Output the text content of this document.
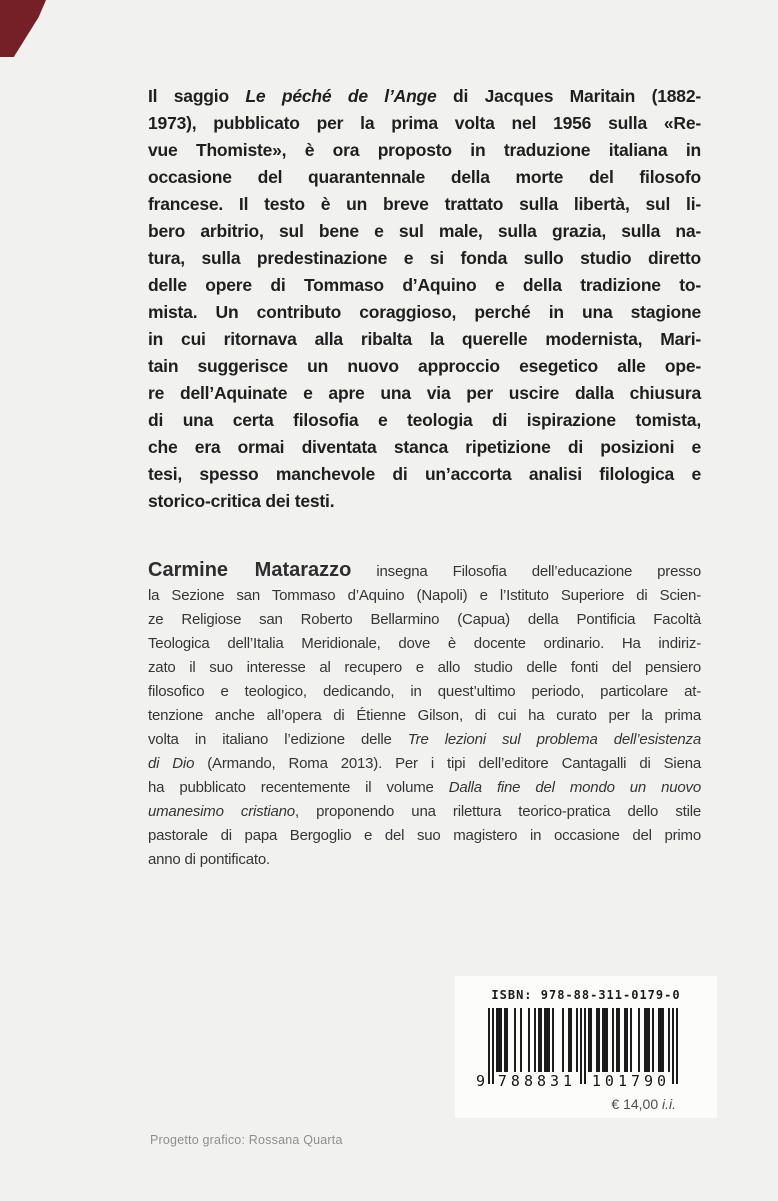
Il saggio Le péché de l’Ange di Jacques Maritain (1882-
1973), pubblicato per la prima volta nel 1956 sulla «Re-
vue Thomiste», è ora proposto in traduzione italiana in
occasione del quarantennale della morte del filosofo
francese. Il testo è un breve trattato sulla libertà, sul li-
bero arbitrio, sul bene e sul male, sulla grazia, sulla na-
tura, sulla predestinazione e si fonda sullo studio diretto
delle opere di Tommaso d’Aquino e della tradizione to-
mista. Un contributo coraggioso, perché in una stagione
in cui ritornava alla ribalta la querelle modernista, Mari-
tain suggerisce un nuovo approccio esegetico alle ope-
re dell’Aquinate e apre una via per uscire dalla chiusura
di una certa filosofia e teologia di ispirazione tomista,
che era ormai diventata stanca ripetizione di posizioni e
tesi, spesso manchevole di un’accorta analisi filologica e
storico-critica dei testi.
Carmine Matarazzo insegna Filosofia dell’educazione presso
la Sezione san Tommaso d’Aquino (Napoli) e l’Istituto Superiore di Scien-
ze Religiose san Roberto Bellarmino (Capua) della Pontificia Facoltà
Teologica dell’Italia Meridionale, dove è docente ordinario. Ha indiriz-
zato il suo interesse al recupero e allo studio delle fonti del pensiero
filosofico e teologico, dedicando, in quest’ultimo periodo, particolare at-
tenzione anche all’opera di Étienne Gilson, di cui ha curato per la prima
volta in italiano l’edizione delle Tre lezioni sul problema dell’esistenza
di Dio (Armando, Roma 2013). Per i tipi dell’editore Cantagalli di Siena
ha pubblicato recentemente il volume Dalla fine del mondo un nuovo
umanesimo cristiano, proponendo una rilettura teorico-pratica dello stile
pastorale di papa Bergoglio e del suo magistero in occasione del primo
anno di pontificato.
ISBN: 978-88-311-0179-0
9 788831 101790
€ 14,00 i.i.
Progetto grafico: Rossana Quarta
